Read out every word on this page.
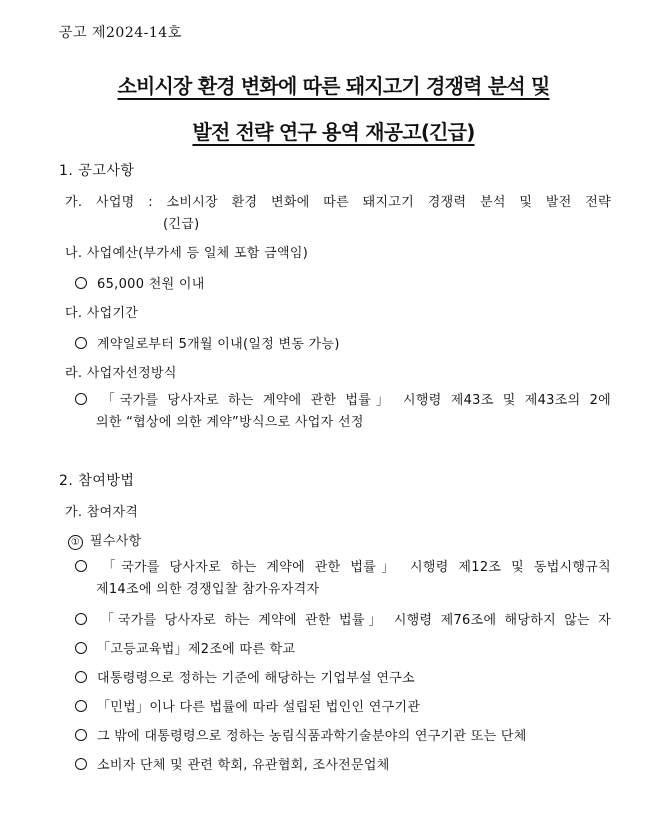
공고 제2024-14호
소비시장 환경 변화에 따른 돼지고기 경쟁력 분석 및
발전 전략 연구 용역 재공고(긴급)
1. 공고사항
가. 사업명 : 소비시장 환경 변화에 따른 돼지고기 경쟁력 분석 및 발전 전략
(긴급)
나. 사업예산(부가세 등 일체 포함 금액임)
65,000 천원 이내
다. 사업기간
계약일로부터 5개월 이내(일정 변동 가능)
라. 사업자선정방식
「국가를 당사자로 하는 계약에 관한 법률」 시행령 제43조 및 제43조의 2에
의한 “협상에 의한 계약”방식으로 사업자 선정
2. 참여방법
가. 참여자격
① 필수사항
「국가를 당사자로 하는 계약에 관한 법률」 시행령 제12조 및 동법시행규칙
제14조에 의한 경쟁입찰 참가유자격자
「국가를 당사자로 하는 계약에 관한 법률」 시행령 제76조에 해당하지 않는 자
「고등교육법」제2조에 따른 학교
대통령령으로 정하는 기준에 해당하는 기업부설 연구소
「민법」이나 다른 법률에 따라 설립된 법인인 연구기관
그 밖에 대통령령으로 정하는 농림식품과학기술분야의 연구기관 또는 단체
소비자 단체 및 관련 학회, 유관협회, 조사전문업체
